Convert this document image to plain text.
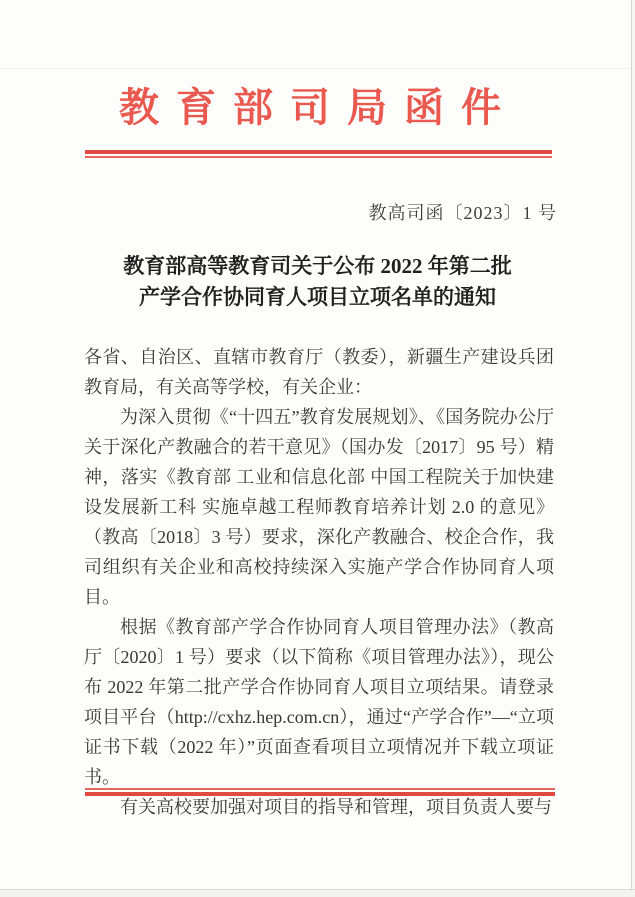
教育部司局函件
教高司函〔2023〕1 号
教育部高等教育司关于公布 2022 年第二批
产学合作协同育人项目立项名单的通知

各省、自治区、直辖市教育厅（教委），新疆生产建设兵团教育局，有关高等学校，有关企业：

为深入贯彻《“十四五”教育发展规划》、《国务院办公厅关于深化产教融合的若干意见》（国办发〔2017〕95 号）精神，落实《教育部 工业和信息化部 中国工程院关于加快建设发展新工科 实施卓越工程师教育培养计划 2.0 的意见》（教高〔2018〕3 号）要求，深化产教融合、校企合作，我司组织有关企业和高校持续深入实施产学合作协同育人项目。

根据《教育部产学合作协同育人项目管理办法》（教高厅〔2020〕1 号）要求（以下简称《项目管理办法》），现公布 2022 年第二批产学合作协同育人项目立项结果。请登录项目平台（http://cxhz.hep.com.cn），通过“产学合作”—“立项证书下载（2022 年）”页面查看项目立项情况并下载立项证书。

有关高校要加强对项目的指导和管理，项目负责人要与
